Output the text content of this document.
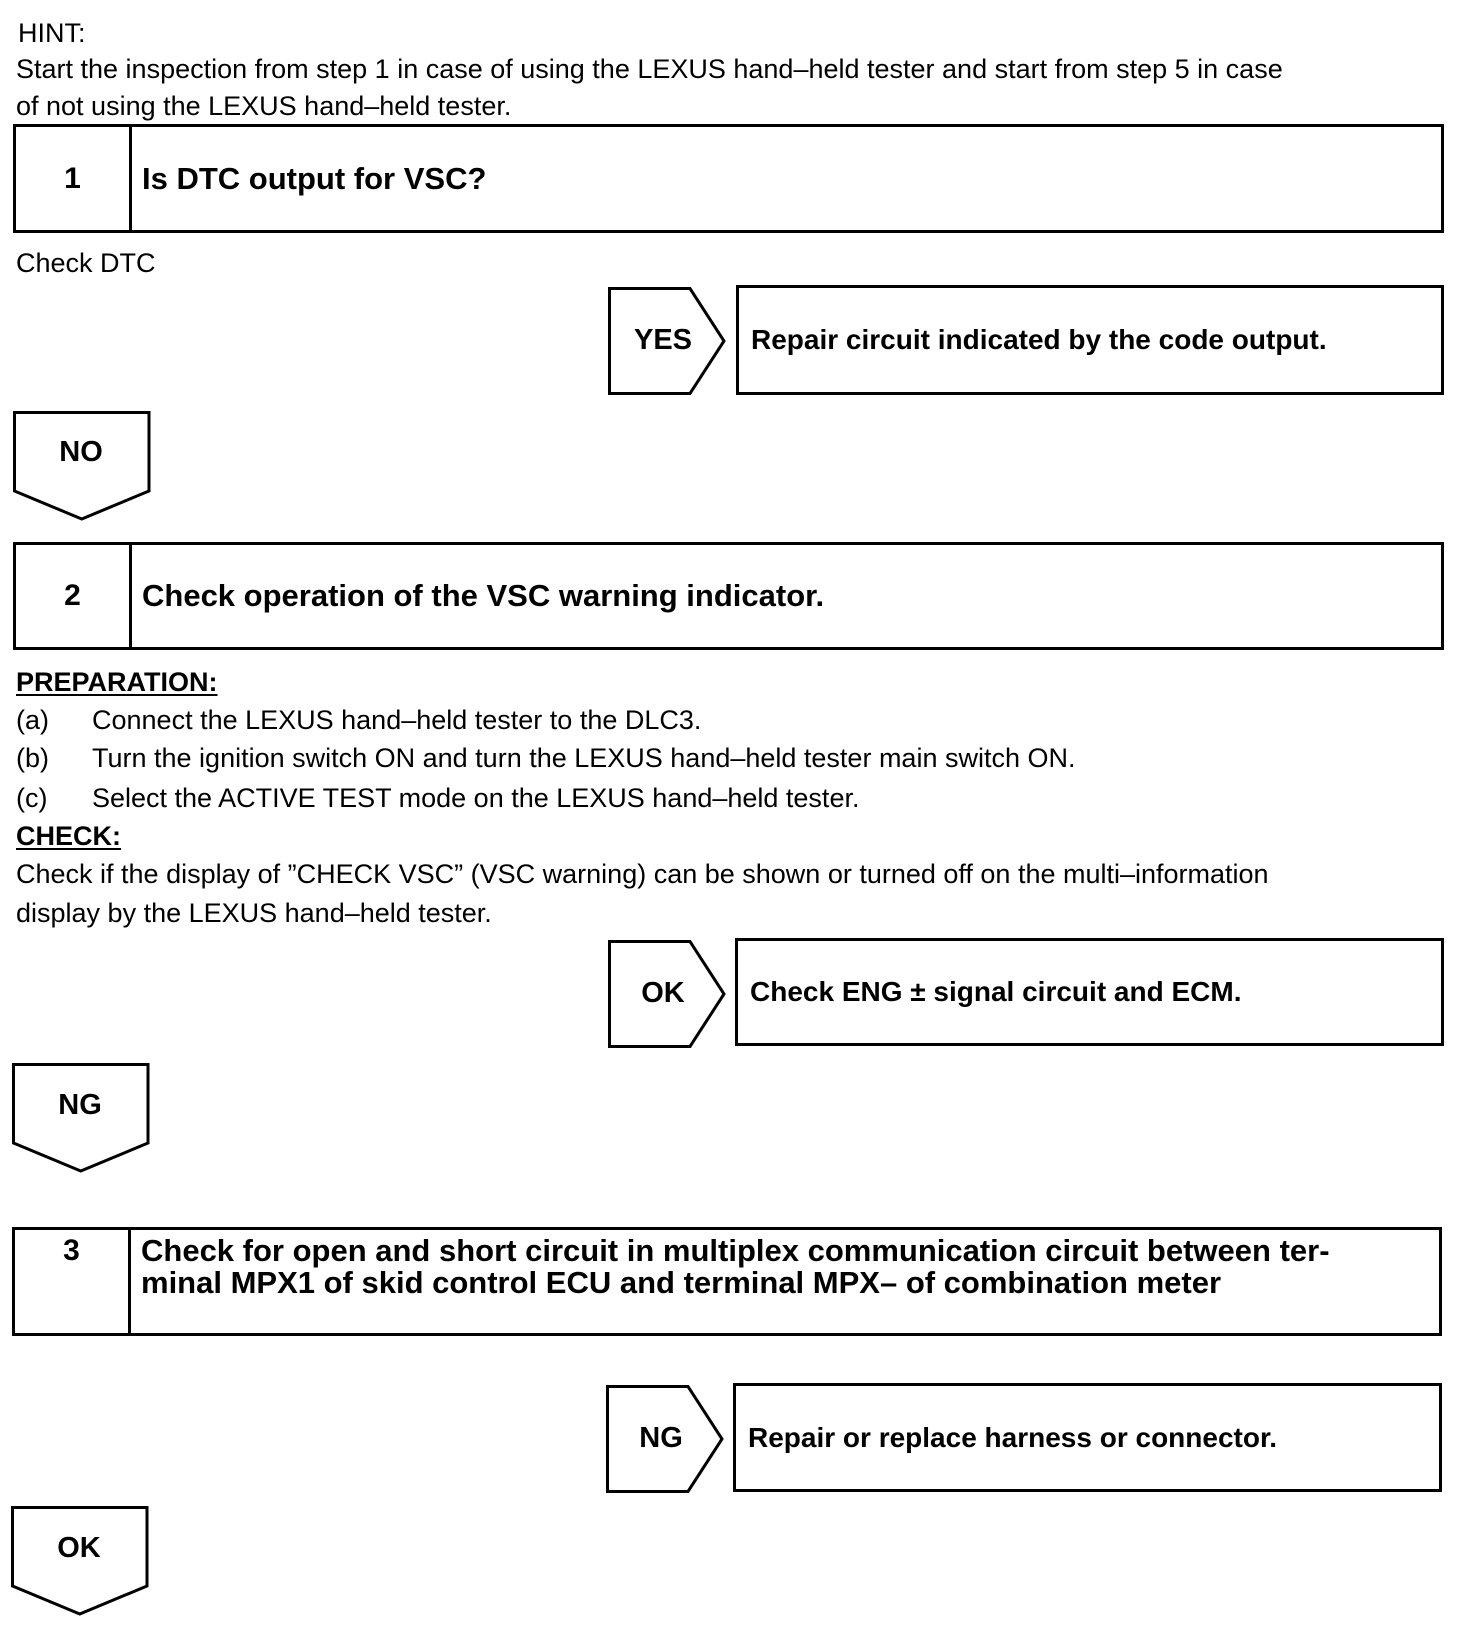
HINT:
Start the inspection from step 1 in case of using the LEXUS hand–held tester and start from step 5 in case
of not using the LEXUS hand–held tester.
1	Is DTC output for VSC?
Check DTC
YES	Repair circuit indicated by the code output.
NO
2	Check operation of the VSC warning indicator.
PREPARATION:
(a) Connect the LEXUS hand–held tester to the DLC3.
(b) Turn the ignition switch ON and turn the LEXUS hand–held tester main switch ON.
(c) Select the ACTIVE TEST mode on the LEXUS hand–held tester.
CHECK:
Check if the display of ”CHECK VSC” (VSC warning) can be shown or turned off on the multi–information
display by the LEXUS hand–held tester.
OK	Check ENG ± signal circuit and ECM.
NG
3	Check for open and short circuit in multiplex communication circuit between ter-
minal MPX1 of skid control ECU and terminal MPX– of combination meter
NG	Repair or replace harness or connector.
OK
